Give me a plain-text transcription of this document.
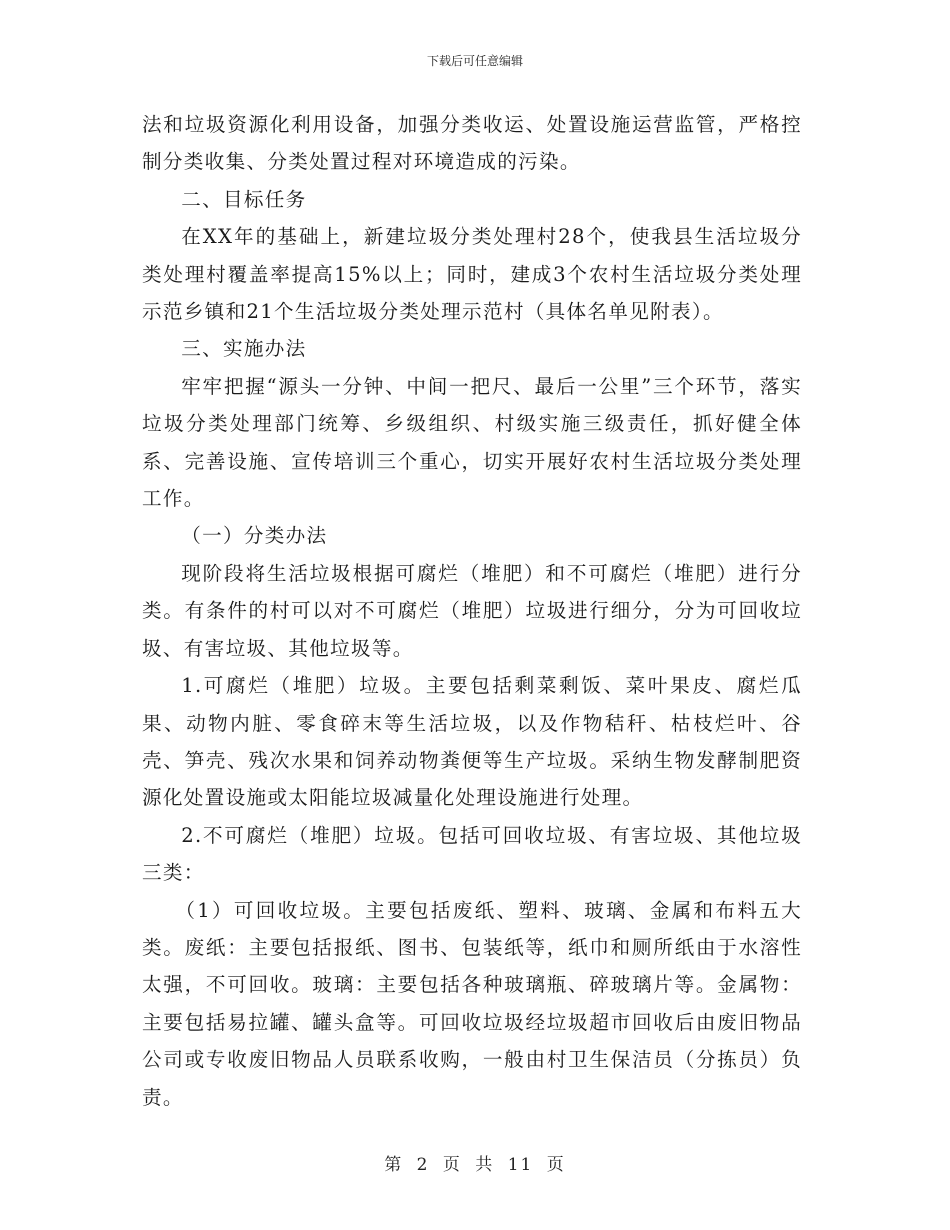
下载后可任意编辑

法和垃圾资源化利用设备，加强分类收运、处置设施运营监管，严格控制分类收集、分类处置过程对环境造成的污染。

二、目标任务

在XX年的基础上，新建垃圾分类处理村28个，使我县生活垃圾分类处理村覆盖率提高15%以上；同时，建成3个农村生活垃圾分类处理示范乡镇和21个生活垃圾分类处理示范村（具体名单见附表）。

三、实施办法

牢牢把握“源头一分钟、中间一把尺、最后一公里”三个环节，落实垃圾分类处理部门统筹、乡级组织、村级实施三级责任，抓好健全体系、完善设施、宣传培训三个重心，切实开展好农村生活垃圾分类处理工作。

（一）分类办法

现阶段将生活垃圾根据可腐烂（堆肥）和不可腐烂（堆肥）进行分类。有条件的村可以对不可腐烂（堆肥）垃圾进行细分，分为可回收垃圾、有害垃圾、其他垃圾等。

1.可腐烂（堆肥）垃圾。主要包括剩菜剩饭、菜叶果皮、腐烂瓜果、动物内脏、零食碎末等生活垃圾，以及作物秸秆、枯枝烂叶、谷壳、笋壳、残次水果和饲养动物粪便等生产垃圾。采纳生物发酵制肥资源化处置设施或太阳能垃圾减量化处理设施进行处理。

2.不可腐烂（堆肥）垃圾。包括可回收垃圾、有害垃圾、其他垃圾三类：

（1）可回收垃圾。主要包括废纸、塑料、玻璃、金属和布料五大类。废纸：主要包括报纸、图书、包装纸等，纸巾和厕所纸由于水溶性太强，不可回收。玻璃：主要包括各种玻璃瓶、碎玻璃片等。金属物：主要包括易拉罐、罐头盒等。可回收垃圾经垃圾超市回收后由废旧物品公司或专收废旧物品人员联系收购，一般由村卫生保洁员（分拣员）负责。

第 2 页 共 11 页
